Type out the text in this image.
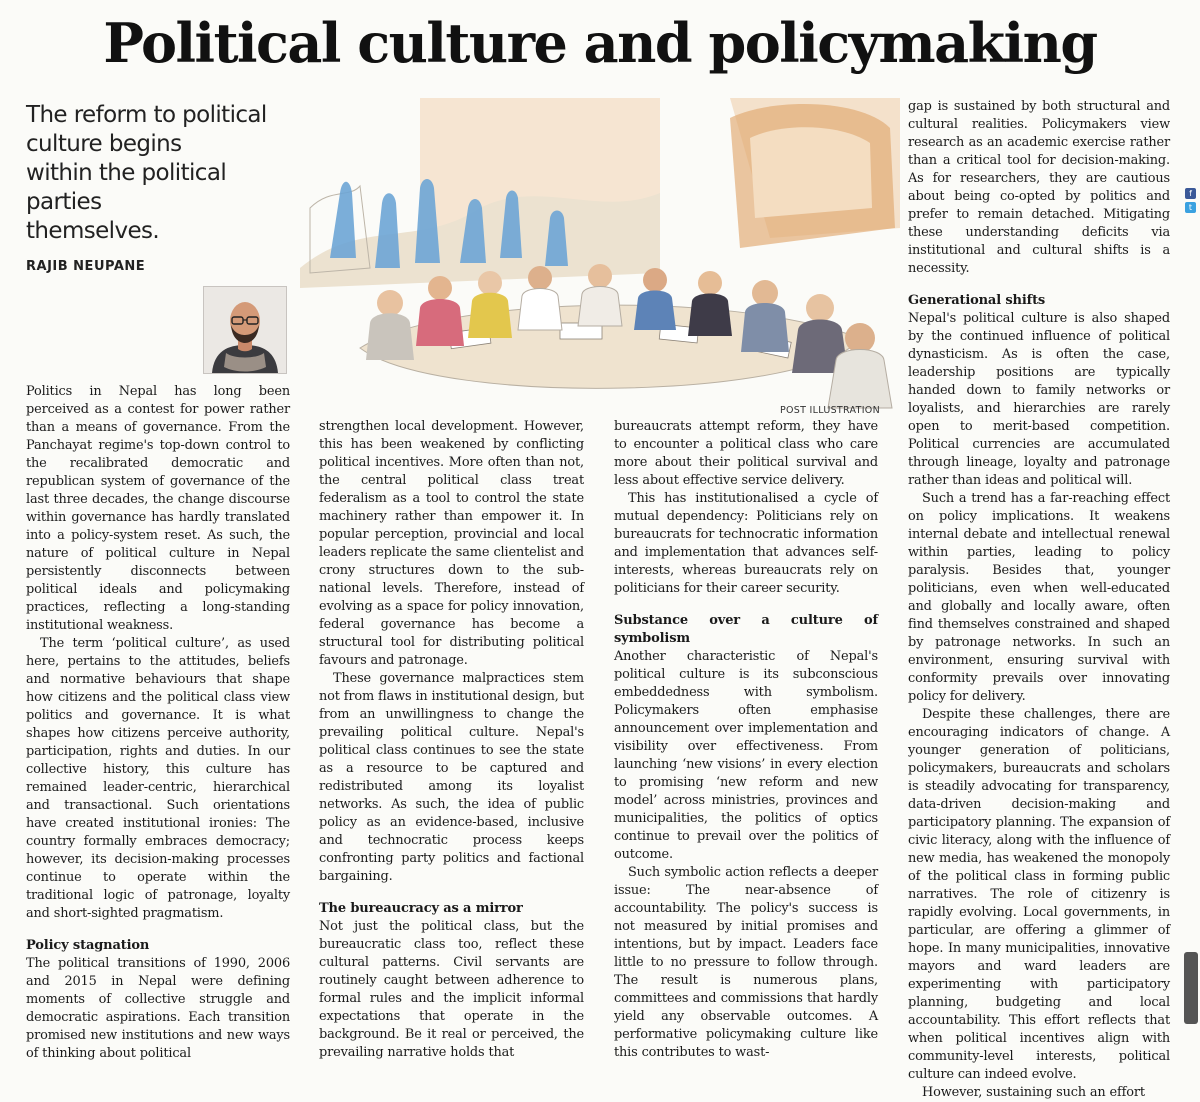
Political culture and policymaking
The reform to political
culture begins
within the political parties
themselves.
RAJIB NEUPANE
POST ILLUSTRATION

Politics in Nepal has long been perceived as a contest for power rather than a means of governance. From the Panchayat regime's top-down control to the recalibrated democratic and republican system of governance of the last three decades, the change discourse within governance has hardly translated into a policy-system reset. As such, the nature of political culture in Nepal persistently disconnects between political ideals and policymaking practices, reflecting a long-standing institutional weakness.

The term ‘political culture’, as used here, pertains to the attitudes, beliefs and normative behaviours that shape how citizens and the political class view politics and governance. It is what shapes how citizens perceive authority, participation, rights and duties. In our collective history, this culture has remained leader-centric, hierarchical and transactional. Such orientations have created institutional ironies: The country formally embraces democracy; however, its decision-making processes continue to operate within the traditional logic of patronage, loyalty and short-sighted pragmatism.

Policy stagnation

The political transitions of 1990, 2006 and 2015 in Nepal were defining moments of collective struggle and democratic aspirations. Each transition promised new institutions and new ways of thinking about political

strengthen local development. However, this has been weakened by conflicting political incentives. More often than not, the central political class treat federalism as a tool to control the state machinery rather than empower it. In popular perception, provincial and local leaders replicate the same clientelist and crony structures down to the sub-national levels. Therefore, instead of evolving as a space for policy innovation, federal governance has become a structural tool for distributing political favours and patronage.

These governance malpractices stem not from flaws in institutional design, but from an unwillingness to change the prevailing political culture. Nepal's political class continues to see the state as a resource to be captured and redistributed among its loyalist networks. As such, the idea of public policy as an evidence-based, inclusive and technocratic process keeps confronting party politics and factional bargaining.

The bureaucracy as a mirror

Not just the political class, but the bureaucratic class too, reflect these cultural patterns. Civil servants are routinely caught between adherence to formal rules and the implicit informal expectations that operate in the background. Be it real or perceived, the prevailing narrative holds that

bureaucrats attempt reform, they have to encounter a political class who care more about their political survival and less about effective service delivery.

This has institutionalised a cycle of mutual dependency: Politicians rely on bureaucrats for technocratic information and implementation that advances self-interests, whereas bureaucrats rely on politicians for their career security.

Substance over a culture of symbolism

Another characteristic of Nepal's political culture is its subconscious embeddedness with symbolism. Policymakers often emphasise announcement over implementation and visibility over effectiveness. From launching ‘new visions’ in every election to promising ‘new reform and new model’ across ministries, provinces and municipalities, the politics of optics continue to prevail over the politics of outcome.

Such symbolic action reflects a deeper issue: The near-absence of accountability. The policy's success is not measured by initial promises and intentions, but by impact. Leaders face little to no pressure to follow through. The result is numerous plans, committees and commissions that hardly yield any observable outcomes. A performative policymaking culture like this contributes to wast-

gap is sustained by both structural and cultural realities. Policymakers view research as an academic exercise rather than a critical tool for decision-making. As for researchers, they are cautious about being co-opted by politics and prefer to remain detached. Mitigating these understanding deficits via institutional and cultural shifts is a necessity.

Generational shifts

Nepal's political culture is also shaped by the continued influence of political dynasticism. As is often the case, leadership positions are typically handed down to family networks or loyalists, and hierarchies are rarely open to merit-based competition. Political currencies are accumulated through lineage, loyalty and patronage rather than ideas and political will.

Such a trend has a far-reaching effect on policy implications. It weakens internal debate and intellectual renewal within parties, leading to policy paralysis. Besides that, younger politicians, even when well-educated and globally and locally aware, often find themselves constrained and shaped by patronage networks. In such an environment, ensuring survival with conformity prevails over innovating policy for delivery.

Despite these challenges, there are encouraging indicators of change. A younger generation of politicians, policymakers, bureaucrats and scholars is steadily advocating for transparency, data-driven decision-making and participatory planning. The expansion of civic literacy, along with the influence of new media, has weakened the monopoly of the political class in forming public narratives. The role of citizenry is rapidly evolving. Local governments, in particular, are offering a glimmer of hope. In many municipalities, innovative mayors and ward leaders are experimenting with participatory planning, budgeting and local accountability. This effort reflects that when political incentives align with community-level interests, political culture can indeed evolve.

However, sustaining such an effort

f
t
